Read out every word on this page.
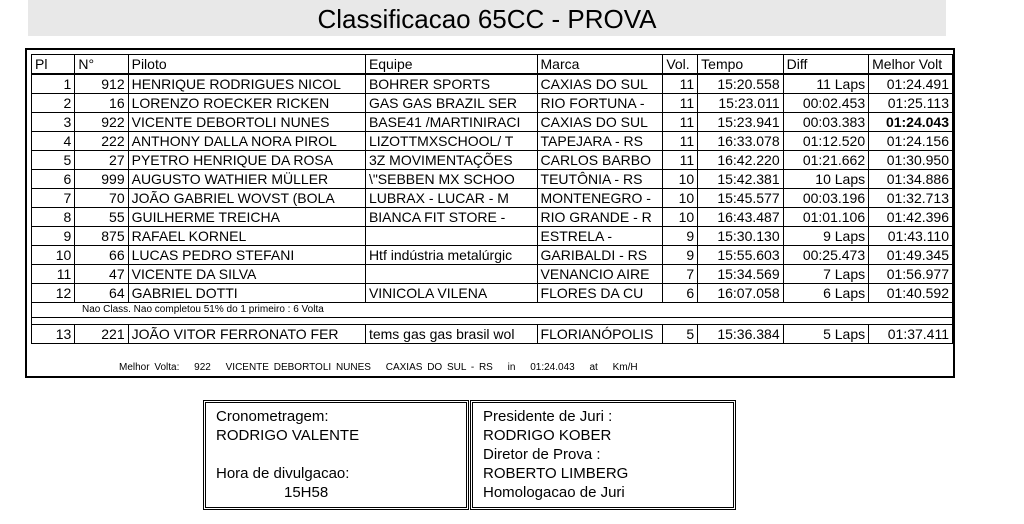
Classificacao 65CC - PROVA
Pl	N°	Piloto	Equipe	Marca	Vol.	Tempo	Diff	Melhor Volt
1	912	HENRIQUE RODRIGUES NICOL	BOHRER SPORTS	CAXIAS DO SUL	11	15:20.558	11 Laps	01:24.491
2	16	LORENZO ROECKER RICKEN	GAS GAS BRAZIL SER	RIO FORTUNA -	11	15:23.011	00:02.453	01:25.113
3	922	VICENTE DEBORTOLI NUNES	BASE41 /MARTINIRACI	CAXIAS DO SUL	11	15:23.941	00:03.383	01:24.043
4	222	ANTHONY DALLA NORA PIROL	LIZOTTMXSCHOOL/ T	TAPEJARA - RS	11	16:33.078	01:12.520	01:24.156
5	27	PYETRO HENRIQUE DA ROSA	3Z MOVIMENTAÇÕES	CARLOS BARBO	11	16:42.220	01:21.662	01:30.950
6	999	AUGUSTO WATHIER MÜLLER	\"SEBBEN MX SCHOO	TEUTÔNIA - RS	10	15:42.381	10 Laps	01:34.886
7	70	JOÃO GABRIEL WOVST (BOLA	LUBRAX - LUCAR - M	MONTENEGRO -	10	15:45.577	00:03.196	01:32.713
8	55	GUILHERME TREICHA	BIANCA FIT STORE -	RIO GRANDE - R	10	16:43.487	01:01.106	01:42.396
9	875	RAFAEL KORNEL		ESTRELA -	9	15:30.130	9 Laps	01:43.110
10	66	LUCAS PEDRO STEFANI	Htf indústria metalúrgic	GARIBALDI - RS	9	15:55.603	00:25.473	01:49.345
11	47	VICENTE DA SILVA		VENANCIO AIRE	7	15:34.569	7 Laps	01:56.977
12	64	GABRIEL DOTTI	VINICOLA VILENA	FLORES DA CU	6	16:07.058	6 Laps	01:40.592
Nao Class. Nao completou 51% do 1 primeiro : 6 Volta								

13	221	JOÃO VITOR FERRONATO FER	tems gas gas brasil wol	FLORIANÓPOLIS	5	15:36.384	5 Laps	01:37.411
Melhor Volta: 922 VICENTE DEBORTOLI NUNES CAXIAS DO SUL - RS in 01:24.043 at Km/H
Cronometragem:
RODRIGO VALENTE
Hora de divulgacao:
15H58
Presidente de Juri :
RODRIGO KOBER
Diretor de Prova :
ROBERTO LIMBERG
Homologacao de Juri
